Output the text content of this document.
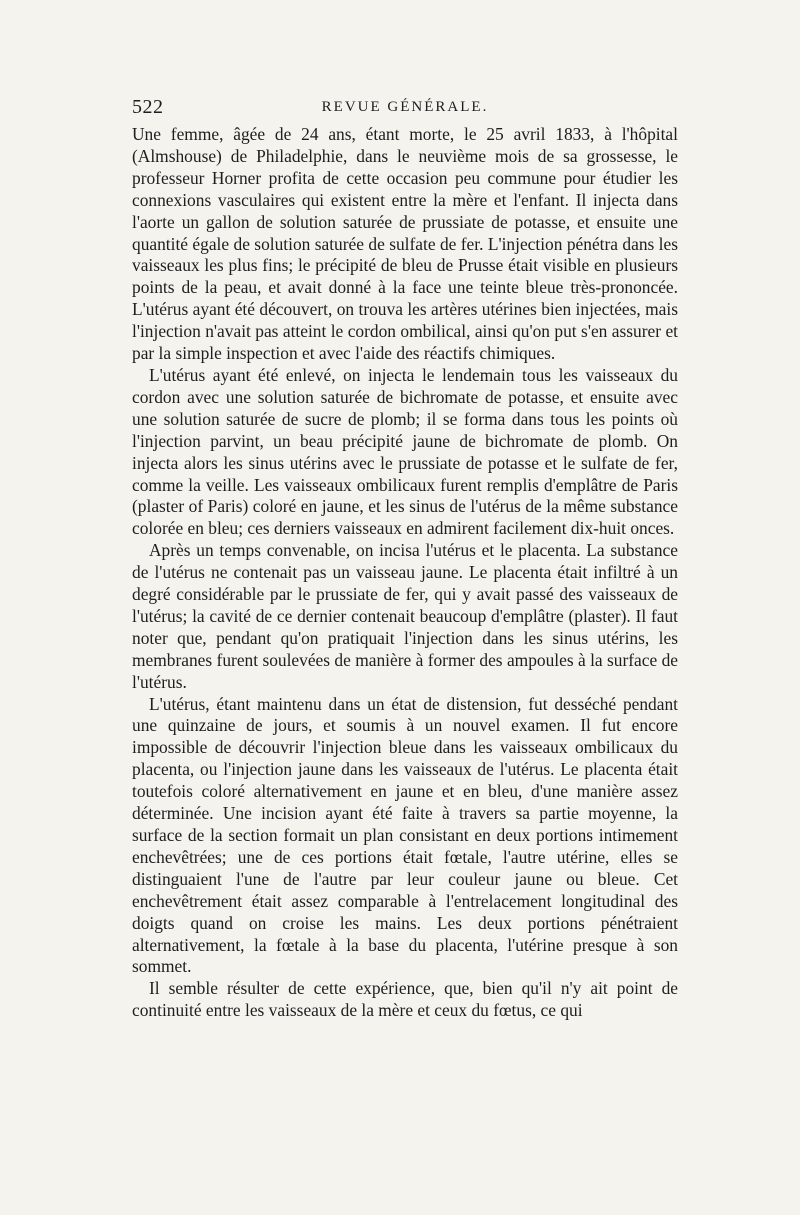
522	REVUE GÉNÉRALE.

Une femme, âgée de 24 ans, étant morte, le 25 avril 1833, à l'hôpital (Almshouse) de Philadelphie, dans le neuvième mois de sa grossesse, le professeur Horner profita de cette occasion peu commune pour étudier les connexions vasculaires qui existent entre la mère et l'enfant. Il injecta dans l'aorte un gallon de solution saturée de prussiate de potasse, et ensuite une quantité égale de solution saturée de sulfate de fer. L'injection pénétra dans les vaisseaux les plus fins; le précipité de bleu de Prusse était visible en plusieurs points de la peau, et avait donné à la face une teinte bleue très-prononcée. L'utérus ayant été découvert, on trouva les artères utérines bien injectées, mais l'injection n'avait pas atteint le cordon ombilical, ainsi qu'on put s'en assurer et par la simple inspection et avec l'aide des réactifs chimiques.

L'utérus ayant été enlevé, on injecta le lendemain tous les vaisseaux du cordon avec une solution saturée de bichromate de potasse, et ensuite avec une solution saturée de sucre de plomb; il se forma dans tous les points où l'injection parvint, un beau précipité jaune de bichromate de plomb. On injecta alors les sinus utérins avec le prussiate de potasse et le sulfate de fer, comme la veille. Les vaisseaux ombilicaux furent remplis d'emplâtre de Paris (plaster of Paris) coloré en jaune, et les sinus de l'utérus de la même substance colorée en bleu; ces derniers vaisseaux en admirent facilement dix-huit onces.

Après un temps convenable, on incisa l'utérus et le placenta. La substance de l'utérus ne contenait pas un vaisseau jaune. Le placenta était infiltré à un degré considérable par le prussiate de fer, qui y avait passé des vaisseaux de l'utérus; la cavité de ce dernier contenait beaucoup d'emplâtre (plaster). Il faut noter que, pendant qu'on pratiquait l'injection dans les sinus utérins, les membranes furent soulevées de manière à former des ampoules à la surface de l'utérus.

L'utérus, étant maintenu dans un état de distension, fut desséché pendant une quinzaine de jours, et soumis à un nouvel examen. Il fut encore impossible de découvrir l'injection bleue dans les vaisseaux ombilicaux du placenta, ou l'injection jaune dans les vaisseaux de l'utérus. Le placenta était toutefois coloré alternativement en jaune et en bleu, d'une manière assez déterminée. Une incision ayant été faite à travers sa partie moyenne, la surface de la section formait un plan consistant en deux portions intimement enchevêtrées; une de ces portions était fœtale, l'autre utérine, elles se distinguaient l'une de l'autre par leur couleur jaune ou bleue. Cet enchevêtrement était assez comparable à l'entrelacement longitudinal des doigts quand on croise les mains. Les deux portions pénétraient alternativement, la fœtale à la base du placenta, l'utérine presque à son sommet.

Il semble résulter de cette expérience, que, bien qu'il n'y ait point de continuité entre les vaisseaux de la mère et ceux du fœtus, ce qui
